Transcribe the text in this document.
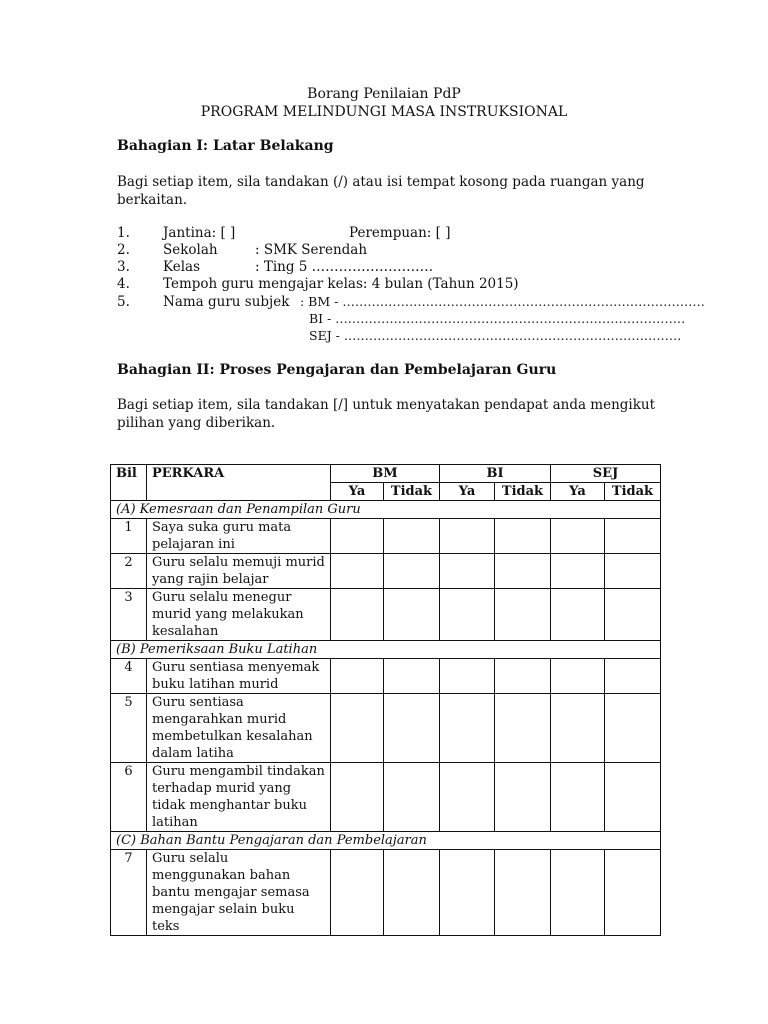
Borang Penilaian PdP
PROGRAM MELINDUNGI MASA INSTRUKSIONAL
Bahagian I: Latar Belakang
Bagi setiap item, sila tandakan (/) atau isi tempat kosong pada ruangan yang berkaitan.
1. Jantina: [ ]	Perempuan: [ ]
2. Sekolah	: SMK Serendah
3. Kelas	: Ting 5 ………………………
4. Tempoh guru mengajar kelas: 4 bulan (Tahun 2015)
5. Nama guru subjek : BM - ……………………………………………………………………………
BI - …………………………………………………………………………
SEJ - ………………………………………………………………………
Bahagian II: Proses Pengajaran dan Pembelajaran Guru
Bagi setiap item, sila tandakan [/] untuk menyatakan pendapat anda mengikut pilihan yang diberikan.
Bil	PERKARA	BM		BI		SEJ	
		Ya	Tidak	Ya	Tidak	Ya	Tidak
(A) Kemesraan dan Penampilan Guru							
1	Saya suka guru mata pelajaran ini						
2	Guru selalu memuji murid yang rajin belajar						
3	Guru selalu menegur murid yang melakukan kesalahan						
(B) Pemeriksaan Buku Latihan							
4	Guru sentiasa menyemak buku latihan murid						
5	Guru sentiasa mengarahkan murid membetulkan kesalahan dalam latiha						
6	Guru mengambil tindakan terhadap murid yang tidak menghantar buku latihan						
(C) Bahan Bantu Pengajaran dan Pembelajaran							
7	Guru selalu menggunakan bahan bantu mengajar semasa mengajar selain buku teks						
